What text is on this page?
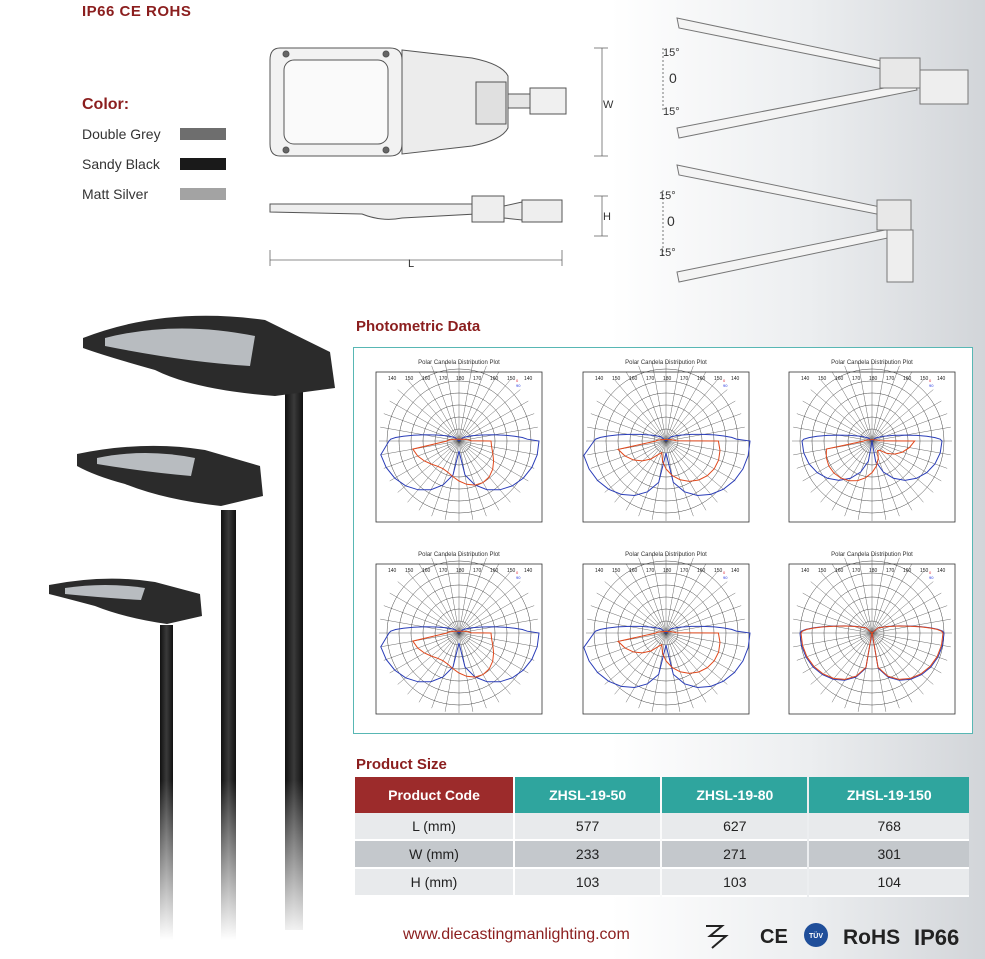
IP66 CE ROHS
Color:
Double Grey
Sandy Black
Matt Silver
W
H
L
15°
0
15°
15°
0
15°
Photometric Data
Polar Candela Distribution Plot
140 150 160 170 180 170 160 150 140
0
90
Polar Candela Distribution Plot
140 150 160 170 180 170 160 150 140
0
90
Polar Candela Distribution Plot
140 150 160 170 180 170 160 150 140
0
90
Polar Candela Distribution Plot
140 150 160 170 180 170 160 150 140
0
90
Polar Candela Distribution Plot
140 150 160 170 180 170 160 150 140
0
90
Polar Candela Distribution Plot
140 150 160 170 180 170 160 150 140
0
90
Product Size
Product Code	ZHSL-19-50	ZHSL-19-80	ZHSL-19-150
L (mm)	577	627	768
W (mm)	233	271	301
H (mm)	103	103	104
www.diecastingmanlighting.com	CE	TÜV RoHS IP66
